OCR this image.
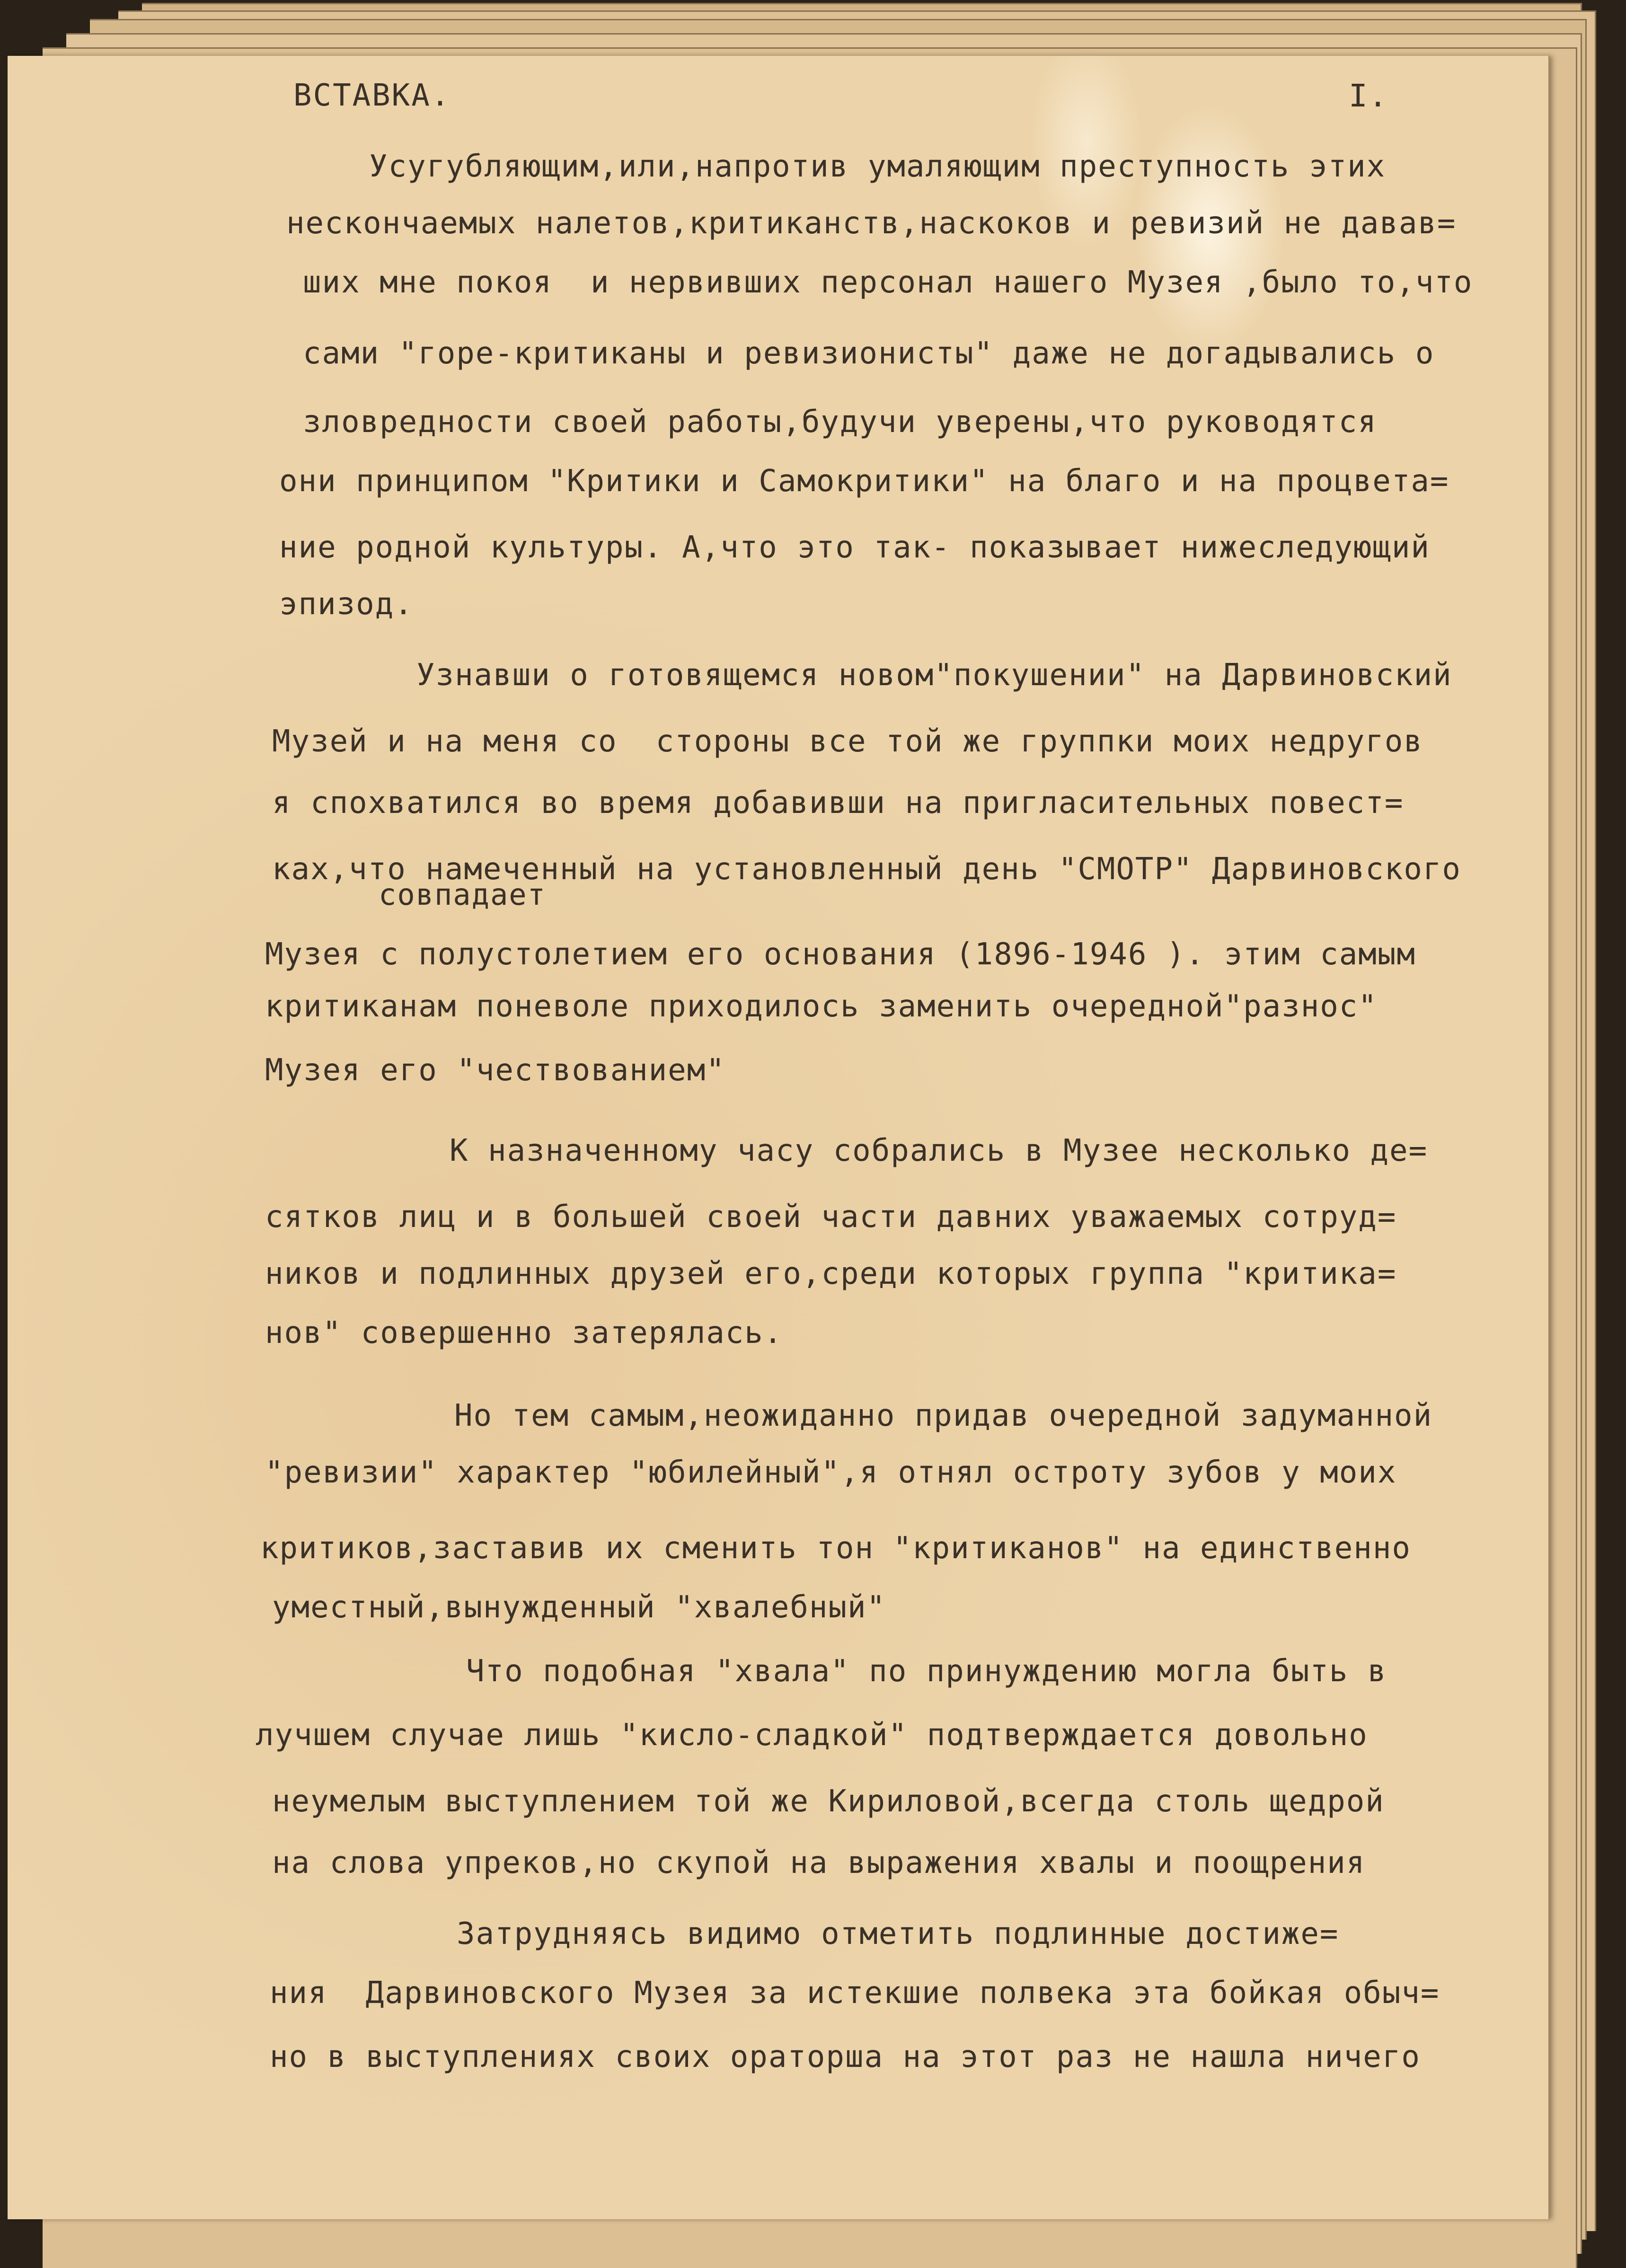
ВСТАВКА.

	I.

Усугубляющим,или,напротив умаляющим преступность этих

нескончаемых налетов,критиканств,наскоков и ревизий не давав=

ших мне покоя  и нервивших персонал нашего Музея ,было то,что

сами "горе-критиканы и ревизионисты" даже не догадывались о

зловредности своей работы,будучи уверены,что руководятся

они принципом "Критики и Самокритики" на благо и на процвета=

ние родной культуры. А,что это так- показывает нижеследующий

эпизод.

Узнавши о готовящемся новом"покушении" на Дарвиновский

Музей и на меня со  стороны все той же группки моих недругов

я спохватился во время добавивши на пригласительных повест=

ках,что намеченный на установленный день "СМОТР" Дарвиновского

совпадает

Музея с полустолетием его основания (1896-1946 ). этим самым

критиканам поневоле приходилось заменить очередной"разнос"

Музея его "чествованием"

К назначенному часу собрались в Музее несколько де=

сятков лиц и в большей своей части давних уважаемых сотруд=

ников и подлинных друзей его,среди которых группа "критика=

нов" совершенно затерялась.

Но тем самым,неожиданно придав очередной задуманной

"ревизии" характер "юбилейный",я отнял остроту зубов у моих

критиков,заставив их сменить тон "критиканов" на единственно

уместный,вынужденный "хвалебный"

Что подобная "хвала" по принуждению могла быть в

лучшем случае лишь "кисло-сладкой" подтверждается довольно

неумелым выступлением той же Кириловой,всегда столь щедрой

на слова упреков,но скупой на выражения хвалы и поощрения

Затрудняясь видимо отметить подлинные достиже=

ния  Дарвиновского Музея за истекшие полвека эта бойкая обыч=

но в выступлениях своих ораторша на этот раз не нашла ничего
